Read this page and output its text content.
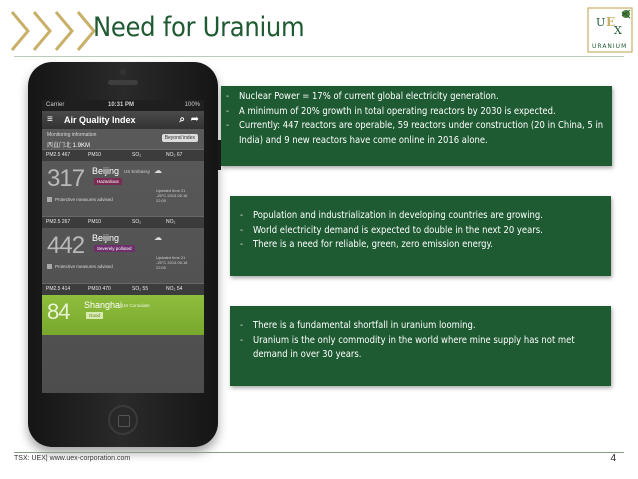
Need for Uranium	U E
X
URANIUM
Carrier	10:31 PM	100%
≡ Air Quality Index	⌕ ➦
Monitoring information
西直门北 1.9KM
Beyond index
PM2.5 467	PM10	SO₂	NO₂ 67
317 Beijing US Embassy
Hazardous
☁
Updated time 21 -25°C 2013.06.16 22:00
Protective measures advised
PM2.5 267	PM10	SO₂	NO₂
442 Beijing
Severely polluted
☁
Updated time 21 -25°C 2013.06.16 22:00
Protective measures advised
PM2.5 414	PM10 470	SO₂ 55	NO₂ 54
84 Shanghai US Consulate
Good
- Nuclear Power = 17% of current global electricity generation.
- A minimum of 20% growth in total operating reactors by 2030 is expected.
- Currently: 447 reactors are operable, 59 reactors under construction (20 in China, 5 in India) and 9 new reactors have come online in 2016 alone.
- Population and industrialization in developing countries are growing.
- World electricity demand is expected to double in the next 20 years.
- There is a need for reliable, green, zero emission energy.
- There is a fundamental shortfall in uranium looming.
- Uranium is the only commodity in the world where mine supply has not met demand in over 30 years.
TSX: UEX| www.uex-corporation.com	4
